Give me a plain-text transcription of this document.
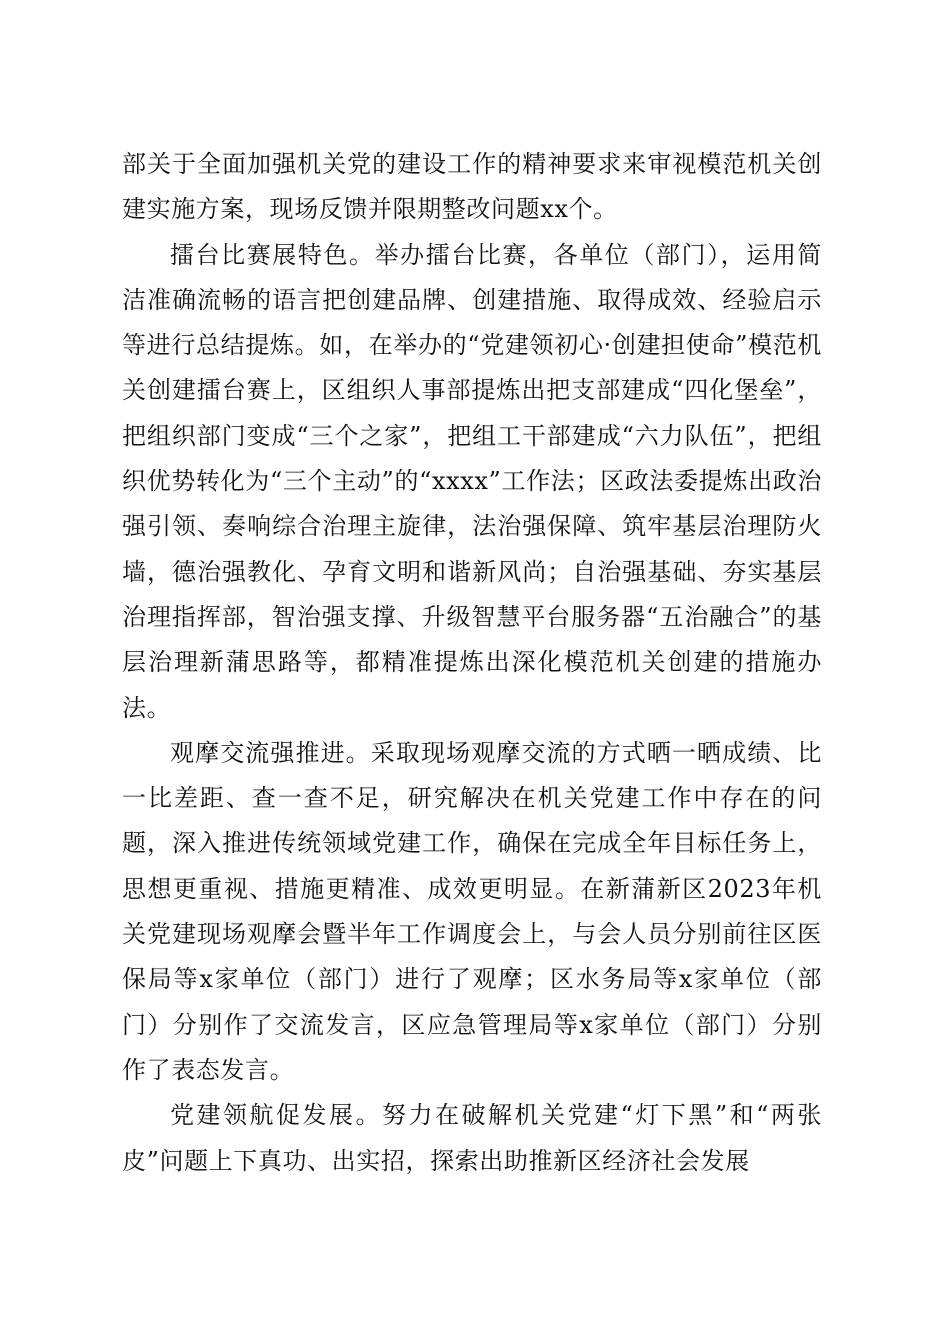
部关于全面加强机关党的建设工作的精神要求来审视模范机关创建实施方案，现场反馈并限期整改问题xx个。

擂台比赛展特色。举办擂台比赛，各单位（部门），运用简洁准确流畅的语言把创建品牌、创建措施、取得成效、经验启示等进行总结提炼。如，在举办的“党建领初心·创建担使命”模范机关创建擂台赛上，区组织人事部提炼出把支部建成“四化堡垒”，把组织部门变成“三个之家”，把组工干部建成“六力队伍”，把组织优势转化为“三个主动”的“xxxx”工作法；区政法委提炼出政治强引领、奏响综合治理主旋律，法治强保障、筑牢基层治理防火墙，德治强教化、孕育文明和谐新风尚；自治强基础、夯实基层治理指挥部，智治强支撑、升级智慧平台服务器“五治融合”的基层治理新蒲思路等，都精准提炼出深化模范机关创建的措施办法。

观摩交流强推进。采取现场观摩交流的方式晒一晒成绩、比一比差距、查一查不足，研究解决在机关党建工作中存在的问题，深入推进传统领域党建工作，确保在完成全年目标任务上，思想更重视、措施更精准、成效更明显。在新蒲新区2023年机关党建现场观摩会暨半年工作调度会上，与会人员分别前往区医保局等x家单位（部门）进行了观摩；区水务局等x家单位（部门）分别作了交流发言，区应急管理局等x家单位（部门）分别作了表态发言。

党建领航促发展。努力在破解机关党建“灯下黑”和“两张皮”问题上下真功、出实招，探索出助推新区经济社会发展
